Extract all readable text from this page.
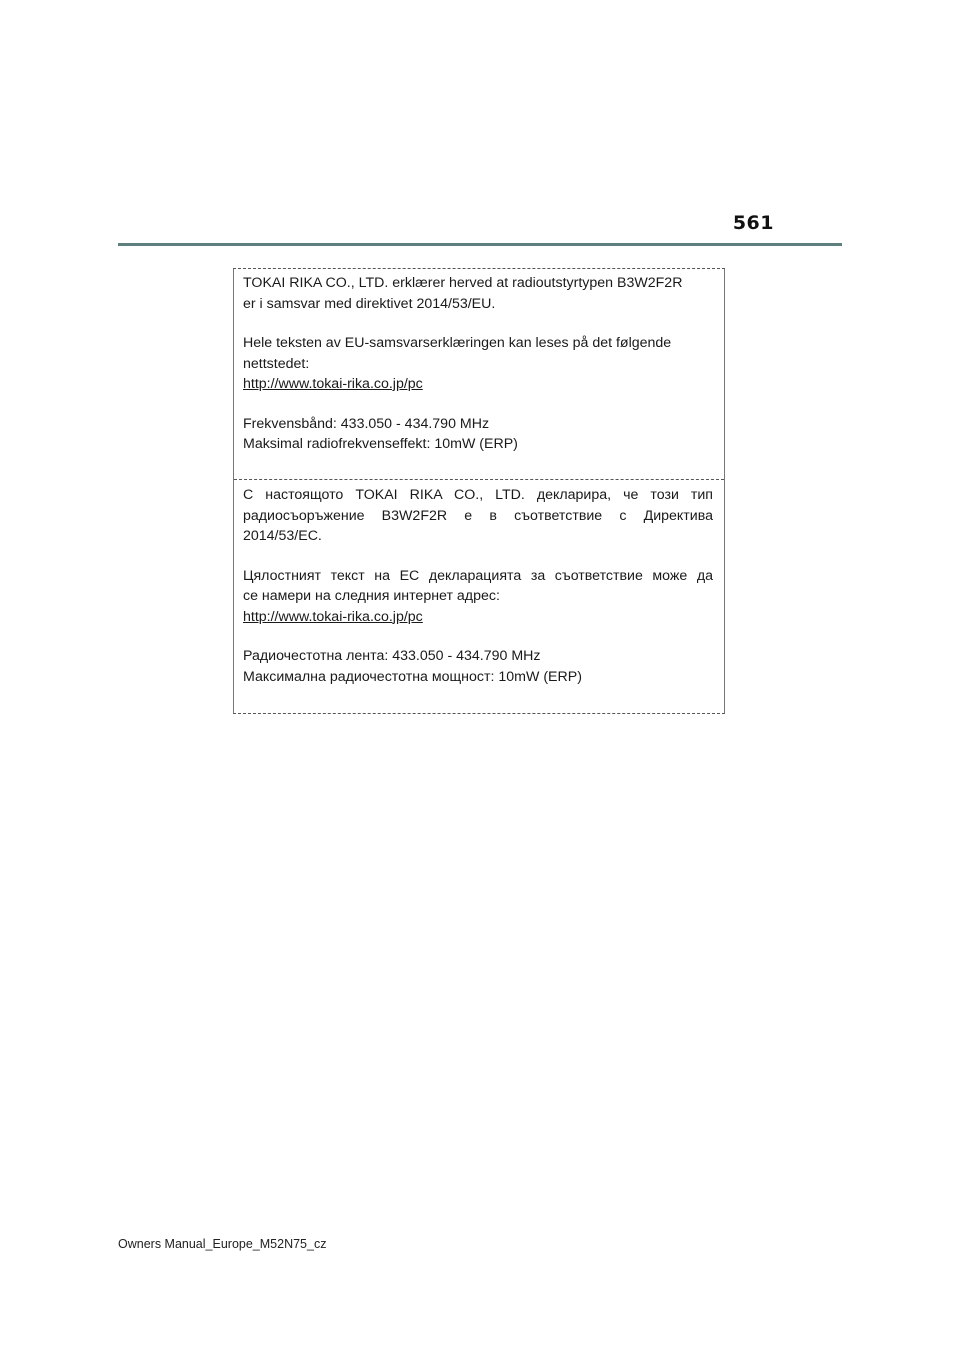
561

TOKAI RIKA CO., LTD. erklærer herved at radioutstyrtypen B3W2F2R

er i samsvar med direktivet 2014/53/EU.

Hele teksten av EU-samsvarserklæringen kan leses på det følgende

nettstedet:

http://www.tokai-rika.co.jp/pc

Frekvensbånd: 433.050 - 434.790 MHz

Maksimal radiofrekvenseffekt: 10mW (ERP)

С настоящото TOKAI RIKA CO., LTD. декларира, че този тип

радиосъоръжение B3W2F2R е в съответствие с Директива

2014/53/EC.

Цялостният текст на ЕС декларацията за съответствие може да

се намери на следния интернет адрес:

http://www.tokai-rika.co.jp/pc

Радиочестотна лента: 433.050 - 434.790 MHz

Максимална радиочестотна мощност: 10mW (ERP)

Owners Manual_Europe_M52N75_cz
